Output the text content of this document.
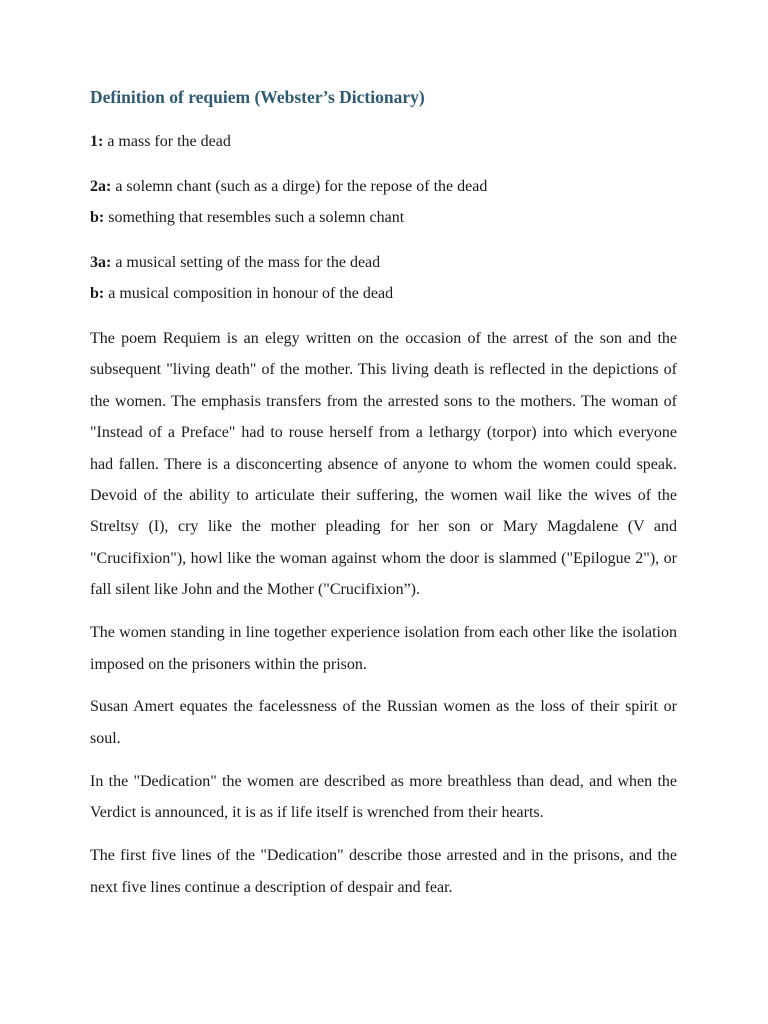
Definition of requiem (Webster’s Dictionary)

1: a mass for the dead

2a: a solemn chant (such as a dirge) for the repose of the dead

b: something that resembles such a solemn chant

3a: a musical setting of the mass for the dead

b: a musical composition in honour of the dead

The poem Requiem is an elegy written on the occasion of the arrest of the son and the subsequent "living death" of the mother. This living death is reflected in the depictions of the women. The emphasis transfers from the arrested sons to the mothers. The woman of "Instead of a Preface" had to rouse herself from a lethargy (torpor) into which everyone had fallen. There is a disconcerting absence of anyone to whom the women could speak. Devoid of the ability to articulate their suffering, the women wail like the wives of the Streltsy (I), cry like the mother pleading for her son or Mary Magdalene (V and "Crucifixion"), howl like the woman against whom the door is slammed ("Epilogue 2"), or fall silent like John and the Mother ("Crucifixion”).

The women standing in line together experience isolation from each other like the isolation imposed on the prisoners within the prison.

Susan Amert equates the facelessness of the Russian women as the loss of their spirit or soul.

In the "Dedication" the women are described as more breathless than dead, and when the Verdict is announced, it is as if life itself is wrenched from their hearts.

The first five lines of the "Dedication" describe those arrested and in the prisons, and the next five lines continue a description of despair and fear.
